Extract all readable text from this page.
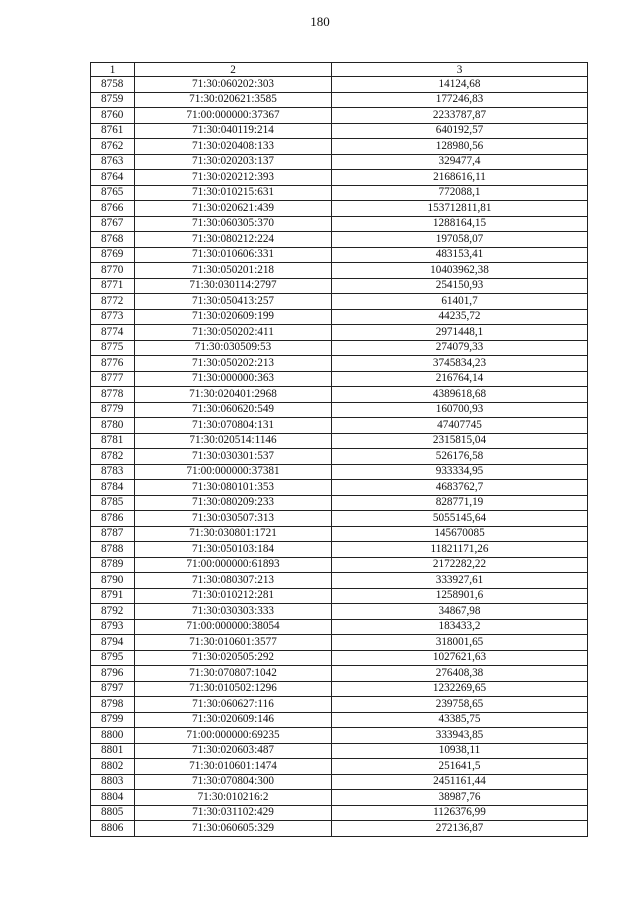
180
1	2	3
8758	71:30:060202:303	14124,68
8759	71:30:020621:3585	177246,83
8760	71:00:000000:37367	2233787,87
8761	71:30:040119:214	640192,57
8762	71:30:020408:133	128980,56
8763	71:30:020203:137	329477,4
8764	71:30:020212:393	2168616,11
8765	71:30:010215:631	772088,1
8766	71:30:020621:439	153712811,81
8767	71:30:060305:370	1288164,15
8768	71:30:080212:224	197058,07
8769	71:30:010606:331	483153,41
8770	71:30:050201:218	10403962,38
8771	71:30:030114:2797	254150,93
8772	71:30:050413:257	61401,7
8773	71:30:020609:199	44235,72
8774	71:30:050202:411	2971448,1
8775	71:30:030509:53	274079,33
8776	71:30:050202:213	3745834,23
8777	71:30:000000:363	216764,14
8778	71:30:020401:2968	4389618,68
8779	71:30:060620:549	160700,93
8780	71:30:070804:131	47407745
8781	71:30:020514:1146	2315815,04
8782	71:30:030301:537	526176,58
8783	71:00:000000:37381	933334,95
8784	71:30:080101:353	4683762,7
8785	71:30:080209:233	828771,19
8786	71:30:030507:313	5055145,64
8787	71:30:030801:1721	145670085
8788	71:30:050103:184	11821171,26
8789	71:00:000000:61893	2172282,22
8790	71:30:080307:213	333927,61
8791	71:30:010212:281	1258901,6
8792	71:30:030303:333	34867,98
8793	71:00:000000:38054	183433,2
8794	71:30:010601:3577	318001,65
8795	71:30:020505:292	1027621,63
8796	71:30:070807:1042	276408,38
8797	71:30:010502:1296	1232269,65
8798	71:30:060627:116	239758,65
8799	71:30:020609:146	43385,75
8800	71:00:000000:69235	333943,85
8801	71:30:020603:487	10938,11
8802	71:30:010601:1474	251641,5
8803	71:30:070804:300	2451161,44
8804	71:30:010216:2	38987,76
8805	71:30:031102:429	1126376,99
8806	71:30:060605:329	272136,87
